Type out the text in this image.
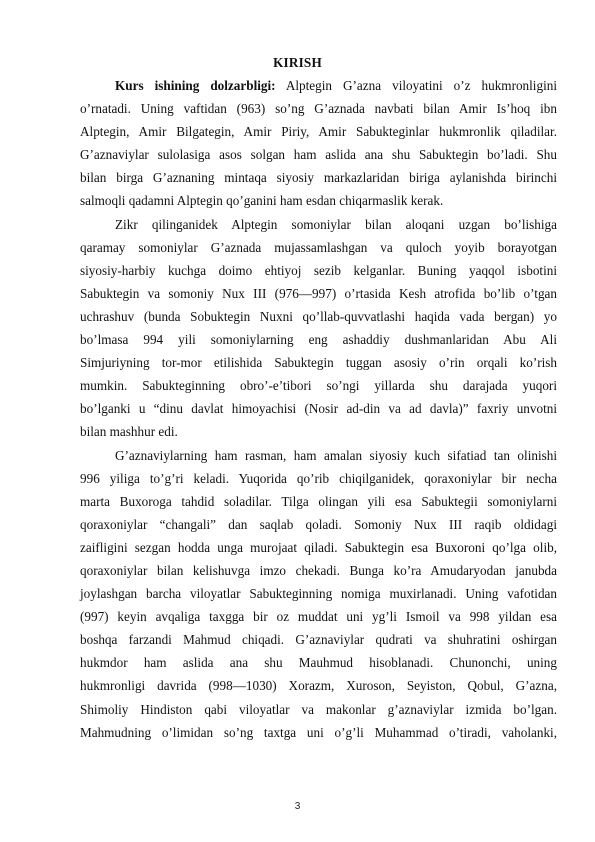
KIRISH

Kurs ishining dolzarbligi: Alptegin G’azna viloyatini o’z hukmronligini
o’rnatadi. Uning vaftidan (963) so’ng G’aznada navbati bilan Amir Is’hoq ibn
Alptegin, Amir Bilgategin, Amir Piriy, Amir Sabukteginlar hukmronlik qiladilar.
G’aznaviylar sulolasiga asos solgan ham aslida ana shu Sabuktegin bo’ladi. Shu
bilan birga G’aznaning mintaqa siyosiy markazlaridan biriga aylanishda birinchi
salmoqli qadamni Alptegin qo’ganini ham esdan chiqarmaslik kerak.

Zikr qilinganidek Alptegin somoniylar bilan aloqani uzgan bo’lishiga
qaramay somoniylar G’aznada mujassamlashgan va quloch yoyib borayotgan
siyosiy-harbiy kuchga doimo ehtiyoj sezib kelganlar. Buning yaqqol isbotini
Sabuktegin va somoniy Nux III (976—997) o’rtasida Kesh atrofida bo’lib o’tgan
uchrashuv (bunda Sobuktegin Nuxni qo’llab-quvvatlashi haqida vada bergan) yo
bo’lmasa 994 yili somoniylarning eng ashaddiy dushmanlaridan Abu Ali
Simjuriyning tor-mor etilishida Sabuktegin tuggan asosiy o’rin orqali ko’rish
mumkin. Sabukteginning obro’-e’tibori so’ngi yillarda shu darajada yuqori
bo’lganki u “dinu davlat himoyachisi (Nosir ad-din va ad davla)” faxriy unvotni
bilan mashhur edi.

G’aznaviylarning ham rasman, ham amalan siyosiy kuch sifatiad tan olinishi
996 yiliga to’g’ri keladi. Yuqorida qo’rib chiqilganidek, qoraxoniylar bir necha
marta Buxoroga tahdid soladilar. Tilga olingan yili esa Sabuktegii somoniylarni
qoraxoniylar “changali” dan saqlab qoladi. Somoniy Nux III raqib oldidagi
zaifligini sezgan hodda unga murojaat qiladi. Sabuktegin esa Buxoroni qo’lga olib,
qoraxoniylar bilan kelishuvga imzo chekadi. Bunga ko’ra Amudaryodan janubda
joylashgan barcha viloyatlar Sabukteginning nomiga muxirlanadi. Uning vafotidan
(997) keyin avqaliga taxgga bir oz muddat uni yg’li Ismoil va 998 yildan esa
boshqa farzandi Mahmud chiqadi. G’aznaviylar qudrati va shuhratini oshirgan
hukmdor ham aslida ana shu Mauhmud hisoblanadi. Chunonchi, uning
hukmronligi davrida (998—1030) Xorazm, Xuroson, Seyiston, Qobul, G’azna,
Shimoliy Hindiston qabi viloyatlar va makonlar g’aznaviylar izmida bo’lgan.
Mahmudning o’limidan so’ng taxtga uni o’g’li Muhammad o’tiradi, vaholanki,

3
